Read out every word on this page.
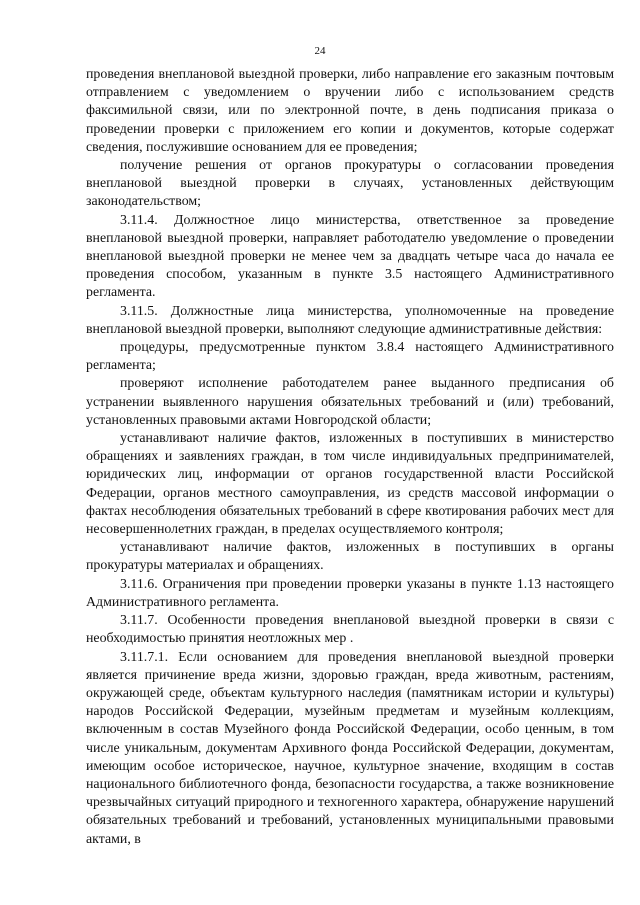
24

проведения внеплановой выездной проверки, либо направление его заказным почтовым отправлением с уведомлением о вручении либо с использованием средств факсимильной связи, или по электронной почте, в день подписания приказа о проведении проверки с приложением его копии и документов, которые содержат сведения, послужившие основанием для ее проведения;

получение решения от органов прокуратуры о согласовании проведения внеплановой выездной проверки в случаях, установленных действующим законодательством;

3.11.4. Должностное лицо министерства, ответственное за проведение внеплановой выездной проверки, направляет работодателю уведомление о проведении внеплановой выездной проверки не менее чем за двадцать четыре часа до начала ее проведения способом, указанным в пункте 3.5 настоящего Административного регламента.

3.11.5. Должностные лица министерства, уполномоченные на проведение внеплановой выездной проверки, выполняют следующие административные действия:

процедуры, предусмотренные пунктом 3.8.4 настоящего Административного регламента;

проверяют исполнение работодателем ранее выданного предписания об устранении выявленного нарушения обязательных требований и (или) требований, установленных правовыми актами Новгородской области;

устанавливают наличие фактов, изложенных в поступивших в министерство обращениях и заявлениях граждан, в том числе индивидуальных предпринимателей, юридических лиц, информации от органов государственной власти Российской Федерации, органов местного самоуправления, из средств массовой информации о фактах несоблюдения обязательных требований в сфере квотирования рабочих мест для несовершеннолетних граждан, в пределах осуществляемого контроля;

устанавливают наличие фактов, изложенных в поступивших в органы прокуратуры материалах и обращениях.

3.11.6. Ограничения при проведении проверки указаны в пункте 1.13 настоящего Административного регламента.

3.11.7. Особенности проведения внеплановой выездной проверки в связи с необходимостью принятия неотложных мер .

3.11.7.1. Если основанием для проведения внеплановой выездной проверки является причинение вреда жизни, здоровью граждан, вреда животным, растениям, окружающей среде, объектам культурного наследия (памятникам истории и культуры) народов Российской Федерации, музейным предметам и музейным коллекциям, включенным в состав Музейного фонда Российской Федерации, особо ценным, в том числе уникальным, документам Архивного фонда Российской Федерации, документам, имеющим особое историческое, научное, культурное значение, входящим в состав национального библиотечного фонда, безопасности государства, а также возникновение чрезвычайных ситуаций природного и техногенного характера, обнаружение нарушений обязательных требований и требований, установленных муниципальными правовыми актами, в
